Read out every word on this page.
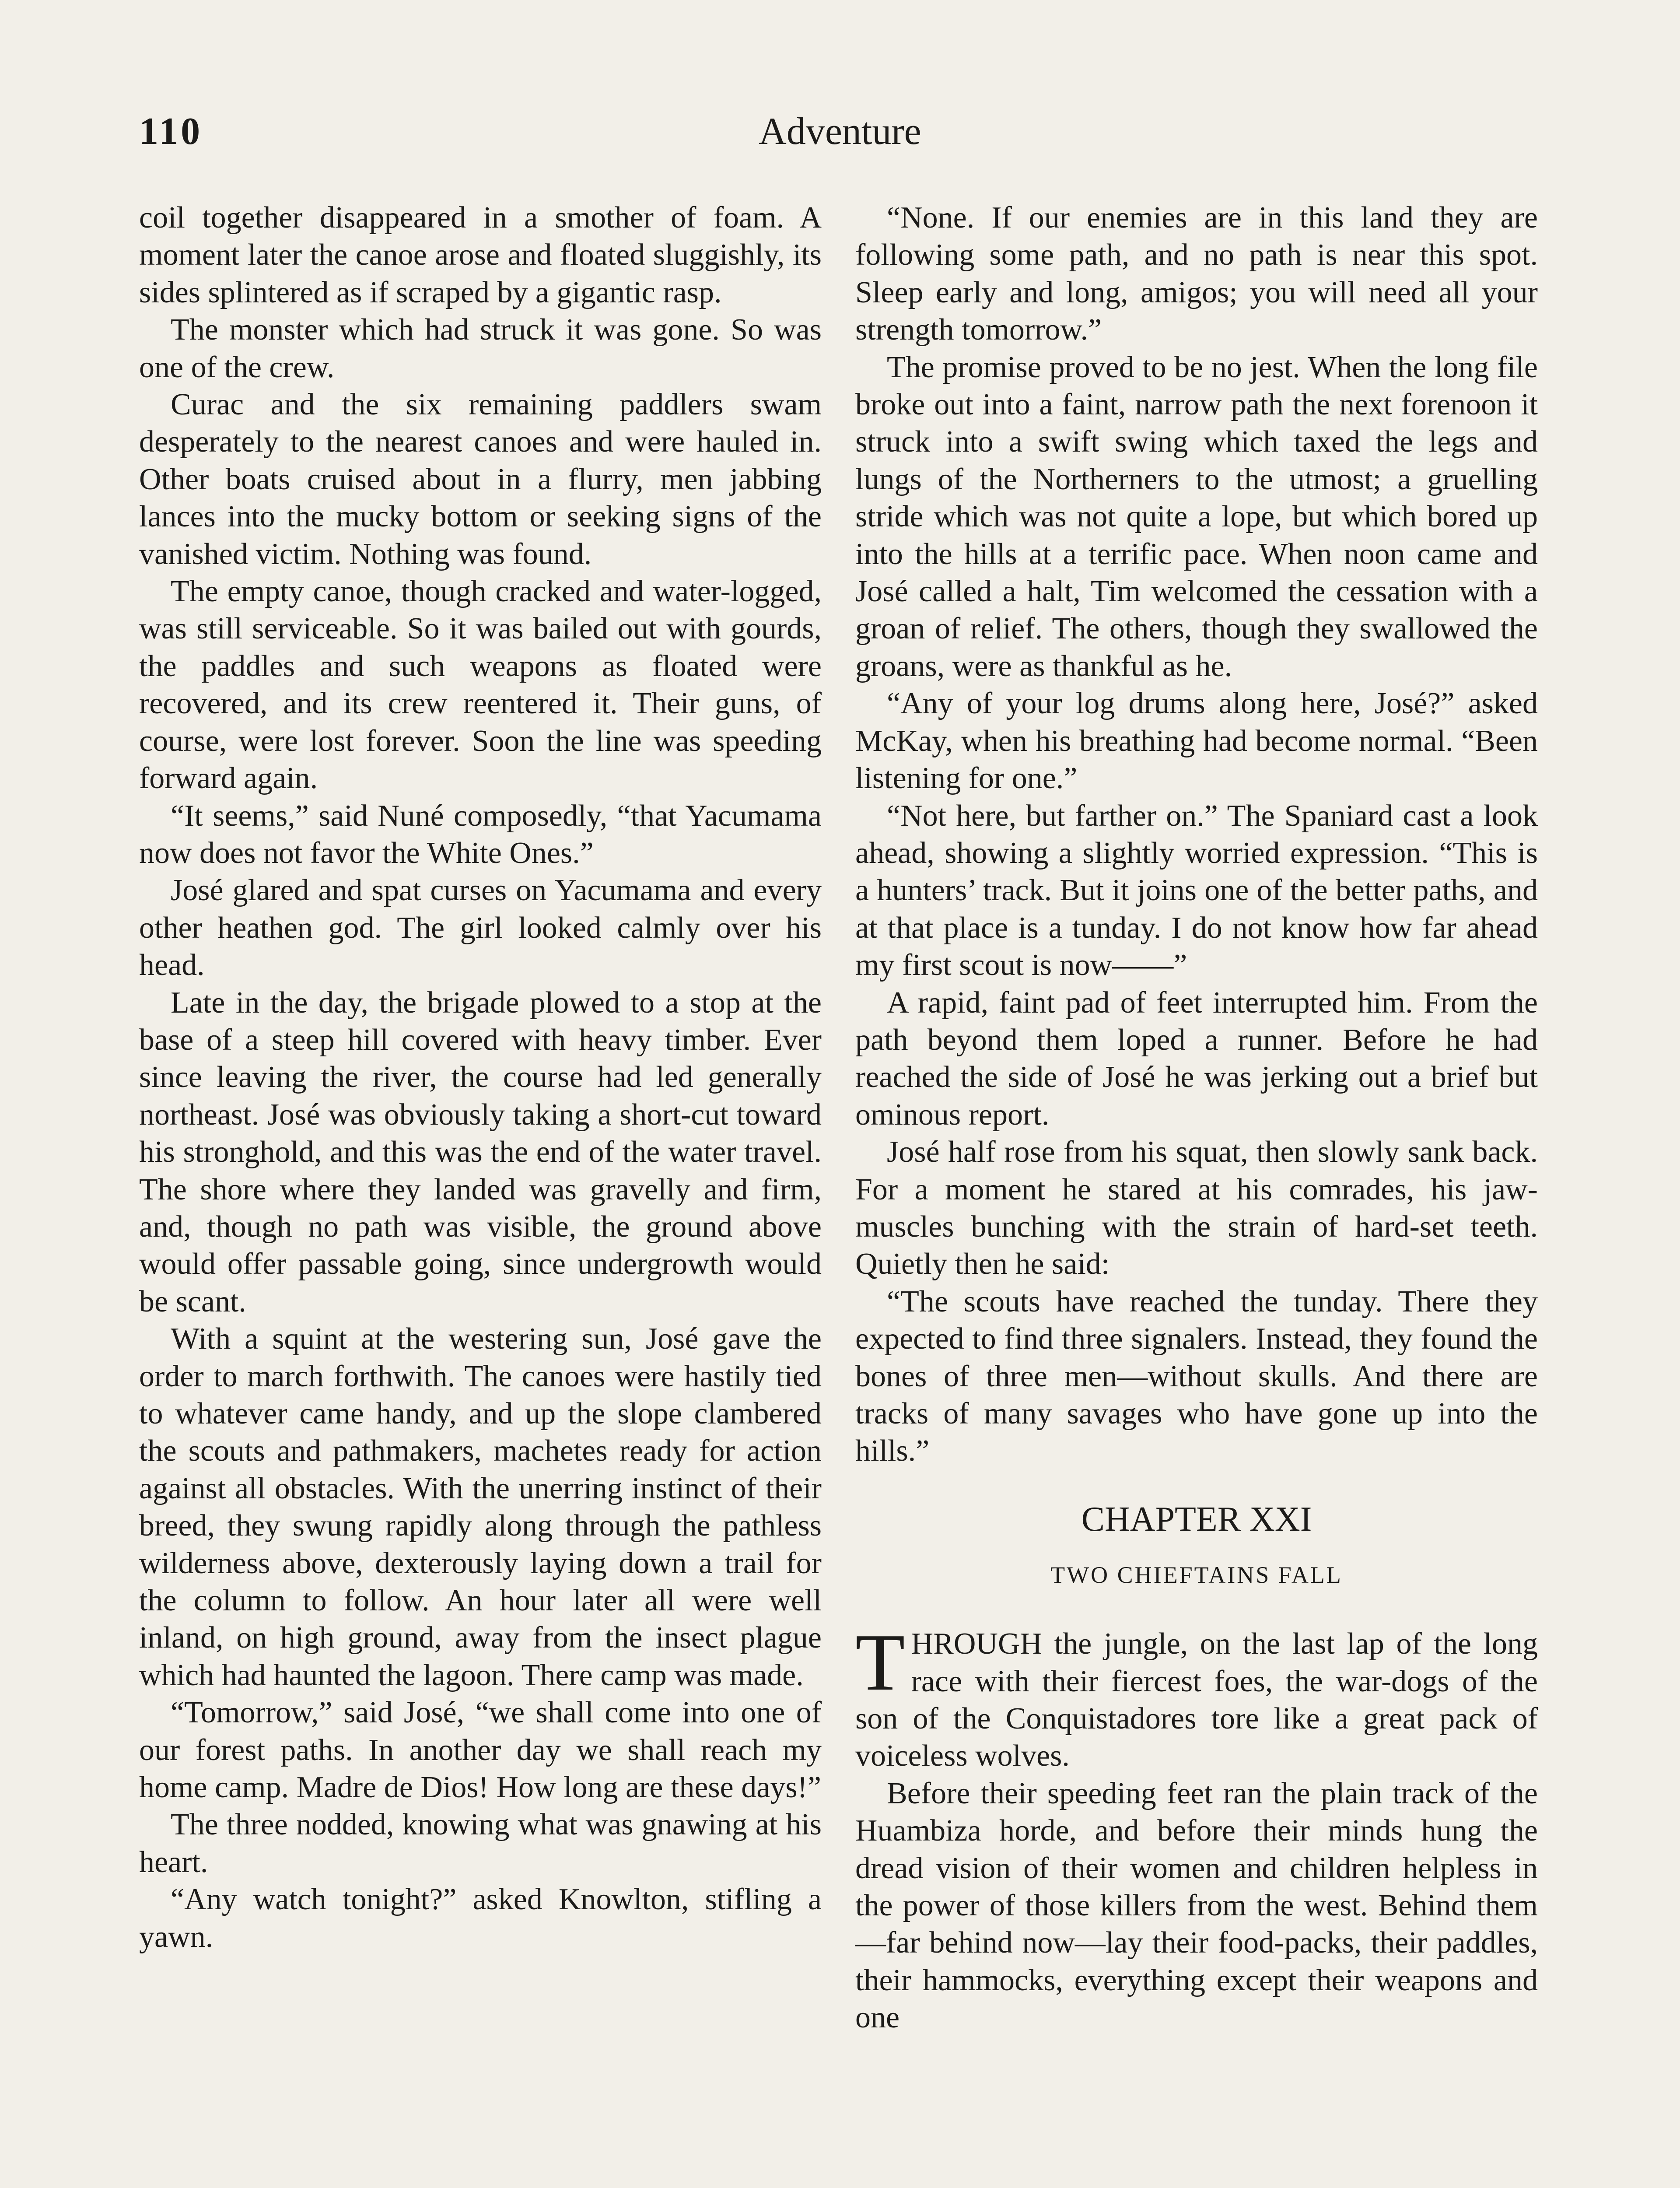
110	Adventure

coil together disappeared in a smother of foam. A moment later the canoe arose and floated sluggishly, its sides splintered as if scraped by a gigantic rasp.

The monster which had struck it was gone. So was one of the crew.

Curac and the six remaining paddlers swam desperately to the nearest canoes and were hauled in. Other boats cruised about in a flurry, men jabbing lances into the mucky bottom or seeking signs of the vanished victim. Nothing was found.

The empty canoe, though cracked and water-logged, was still serviceable. So it was bailed out with gourds, the paddles and such weapons as floated were recovered, and its crew reentered it. Their guns, of course, were lost forever. Soon the line was speeding forward again.

“It seems,” said Nuné composedly, “that Yacumama now does not favor the White Ones.”

José glared and spat curses on Yacumama and every other heathen god. The girl looked calmly over his head.

Late in the day, the brigade plowed to a stop at the base of a steep hill covered with heavy timber. Ever since leaving the river, the course had led generally northeast. José was obviously taking a short-cut toward his stronghold, and this was the end of the water travel. The shore where they landed was gravelly and firm, and, though no path was visible, the ground above would offer passable going, since undergrowth would be scant.

With a squint at the westering sun, José gave the order to march forthwith. The canoes were hastily tied to whatever came handy, and up the slope clambered the scouts and pathmakers, machetes ready for action against all obstacles. With the unerring instinct of their breed, they swung rapidly along through the pathless wilderness above, dexterously laying down a trail for the column to follow. An hour later all were well inland, on high ground, away from the insect plague which had haunted the lagoon. There camp was made.

“Tomorrow,” said José, “we shall come into one of our forest paths. In another day we shall reach my home camp. Madre de Dios! How long are these days!”

The three nodded, knowing what was gnawing at his heart.

“Any watch tonight?” asked Knowlton, stifling a yawn.

“None. If our enemies are in this land they are following some path, and no path is near this spot. Sleep early and long, amigos; you will need all your strength tomorrow.”

The promise proved to be no jest. When the long file broke out into a faint, narrow path the next forenoon it struck into a swift swing which taxed the legs and lungs of the Northerners to the utmost; a gruelling stride which was not quite a lope, but which bored up into the hills at a terrific pace. When noon came and José called a halt, Tim welcomed the cessation with a groan of relief. The others, though they swallowed the groans, were as thankful as he.

“Any of your log drums along here, José?” asked McKay, when his breathing had become normal. “Been listening for one.”

“Not here, but farther on.” The Spaniard cast a look ahead, showing a slightly worried expression. “This is a hunters’ track. But it joins one of the better paths, and at that place is a tunday. I do not know how far ahead my first scout is now——”

A rapid, faint pad of feet interrupted him. From the path beyond them loped a runner. Before he had reached the side of José he was jerking out a brief but ominous report.

José half rose from his squat, then slowly sank back. For a moment he stared at his comrades, his jaw-muscles bunching with the strain of hard-set teeth. Quietly then he said:

“The scouts have reached the tunday. There they expected to find three signalers. Instead, they found the bones of three men—without skulls. And there are tracks of many savages who have gone up into the hills.”

CHAPTER XXI
TWO CHIEFTAINS FALL

THROUGH the jungle, on the last lap of the long race with their fiercest foes, the war-dogs of the son of the Conquistadores tore like a great pack of voiceless wolves.

Before their speeding feet ran the plain track of the Huambiza horde, and before their minds hung the dread vision of their women and children helpless in the power of those killers from the west. Behind them—far behind now—lay their food-packs, their paddles, their hammocks, everything except their weapons and one
